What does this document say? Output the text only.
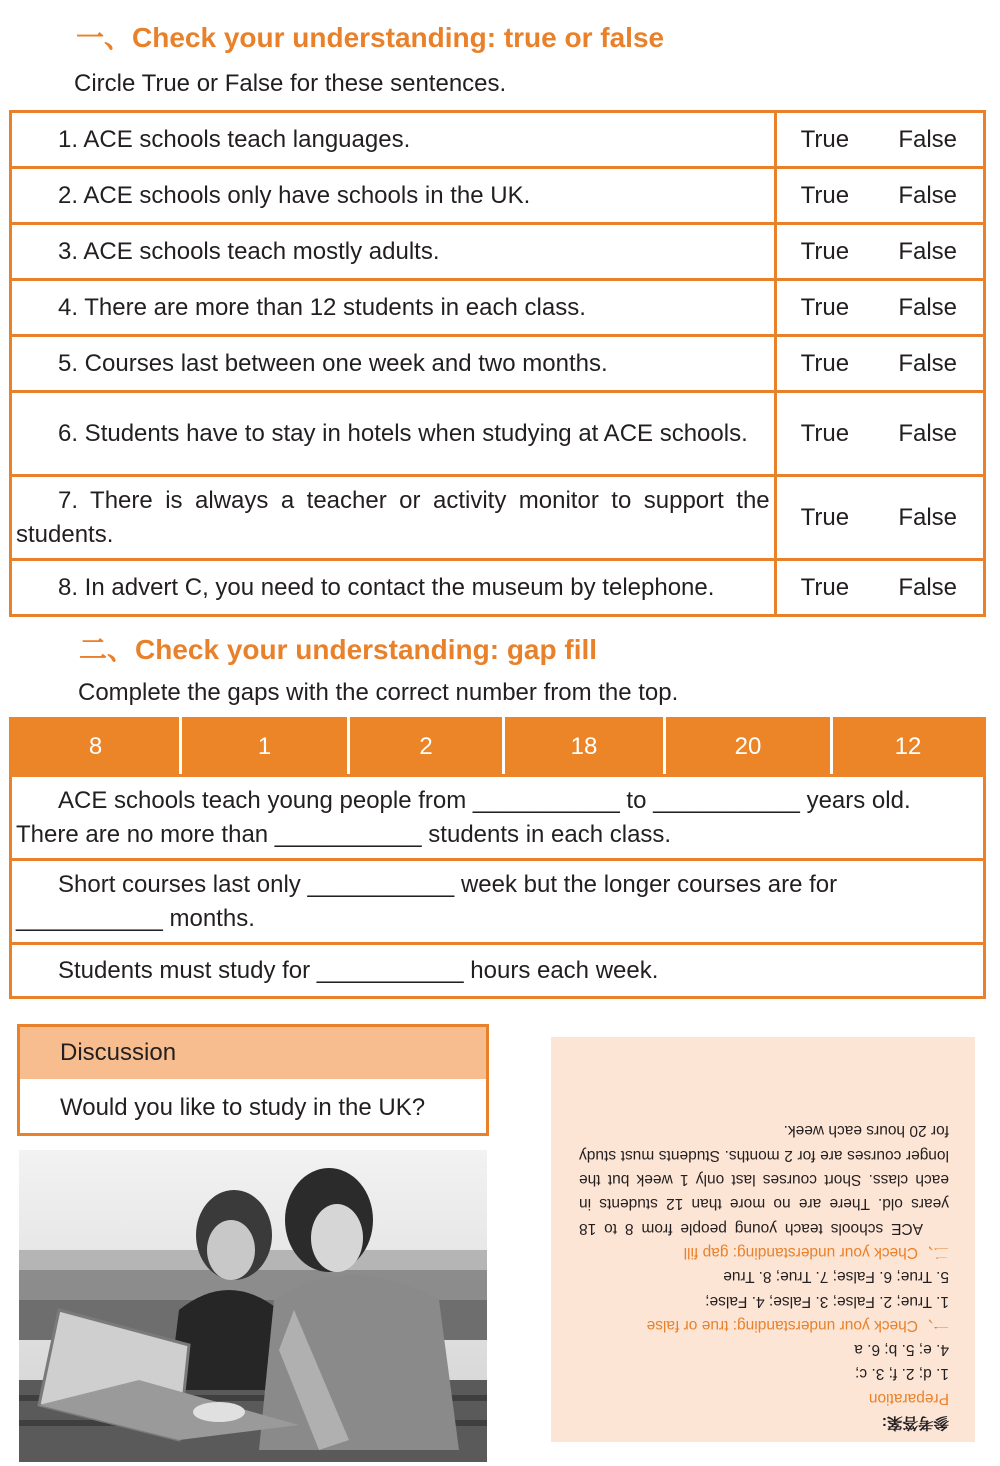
一、Check your understanding: true or false
Circle True or False for these sentences.
1. ACE schools teach languages.	True False

2. ACE schools only have schools in the UK.	True False

3. ACE schools teach mostly adults.	True False

4. There are more than 12 students in each class.	True False

5. Courses last between one week and two months.	True False

6. Students have to stay in hotels when studying at ACE schools.	True False

7. There is always a teacher or activity monitor to support the students.	True False

8. In advert C, you need to contact the museum by telephone.	True False
二、Check your understanding: gap fill
Complete the gaps with the correct number from the top.
8	1	2	18	20	12

ACE schools teach young people from ___________ to ___________ years old. There are no more than ___________ students in each class.

Short courses last only ___________ week but the longer courses are for ___________ months.

Students must study for ___________ hours each week.
Discussion
Would you like to study in the UK?

参考答案:

Preparation

1. d; 2. f; 3. c;

4. e; 5. b; 6. a

一、Check your understanding: true or false

1. True; 2. False; 3. False; 4. False;

5. True; 6. False; 7. True; 8. True

二、Check your understanding: gap fill

ACE schools teach young people from 8 to 18 years old. There are no more than 12 students in each class. Short courses last only 1 week but the longer courses are for 2 months. Students must study for 20 hours each week.
